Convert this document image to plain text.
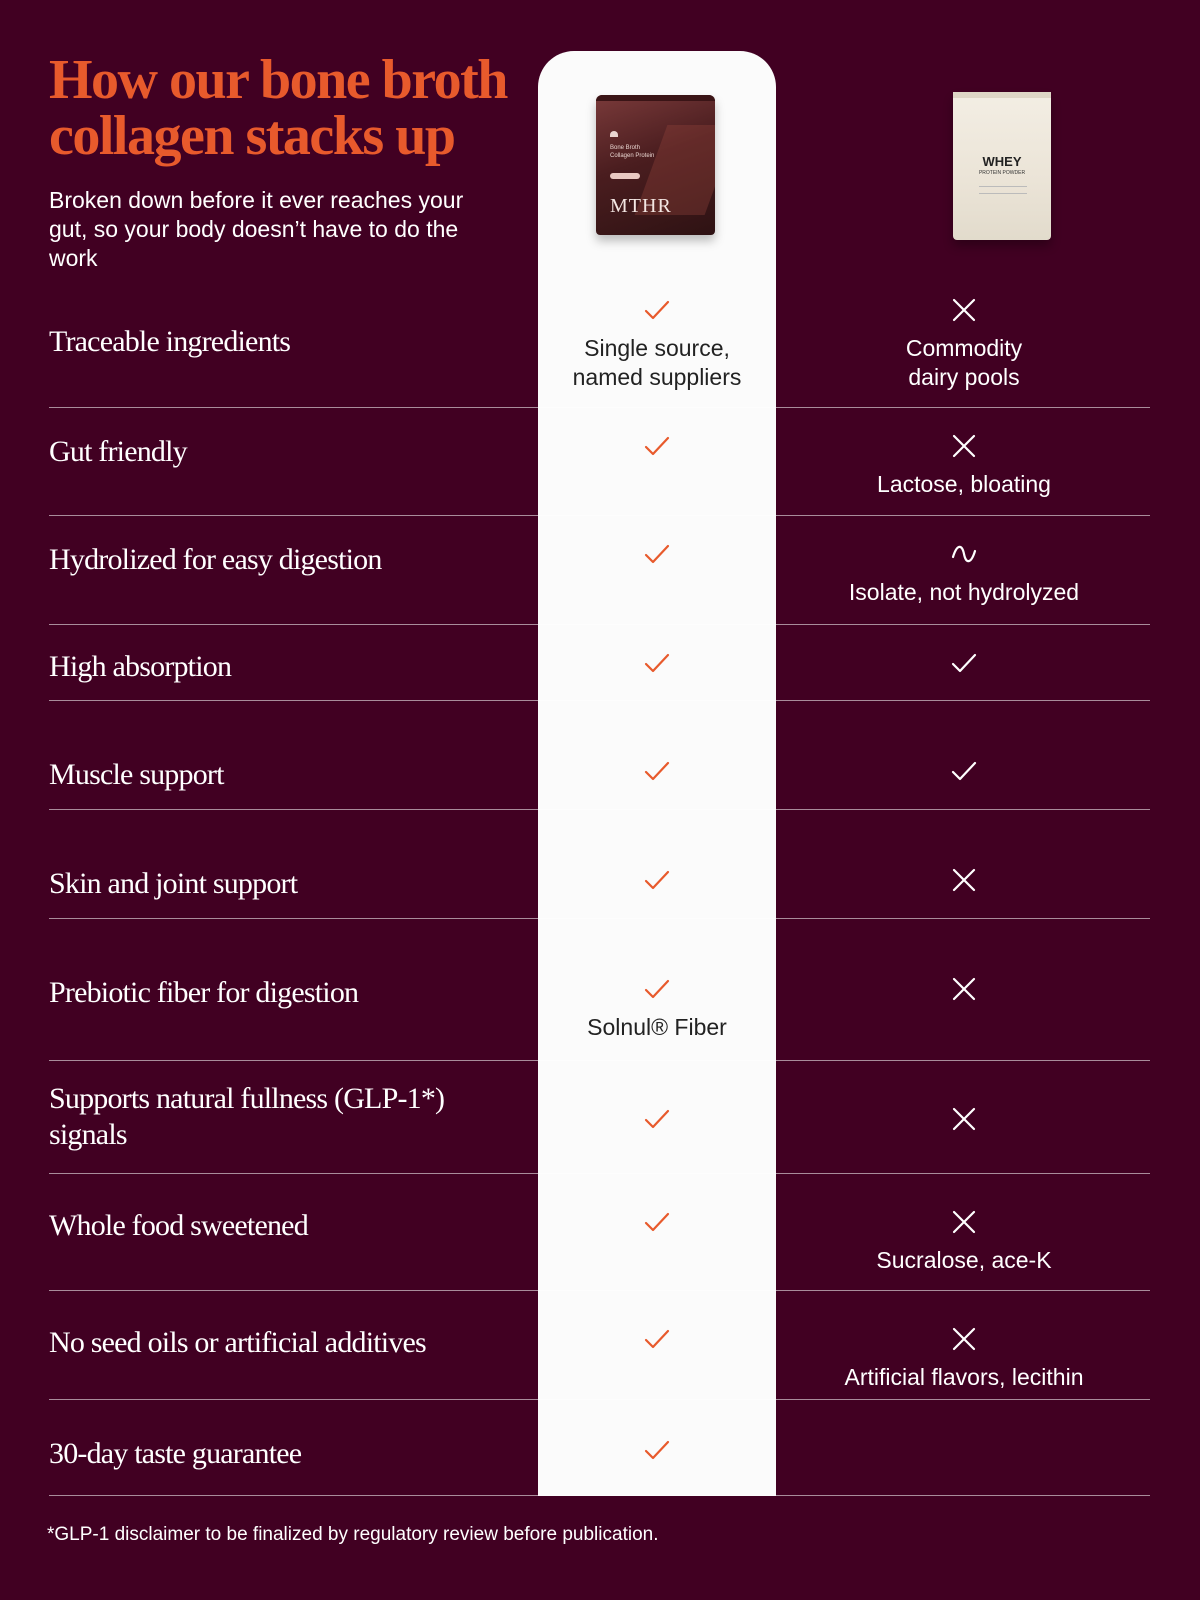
How our bone broth
collagen stacks up

Broken down before it ever reaches your gut, so your body doesn’t have to do the work

Bone Broth
Collagen Protein
MTHR
WHEY
PROTEIN POWDER
Traceable ingredients	Single source, named suppliers
Commodity dairy pools
Gut friendly
Lactose, bloating
Hydrolized for easy digestion
Isolate, not hydrolyzed
High absorption
Muscle support
Skin and joint support
Prebiotic fiber for digestion
Solnul® Fiber
Supports natural fullness (GLP-1*) signals
Whole food sweetened
Sucralose, ace-K
No seed oils or artificial additives
Artificial flavors, lecithin
30-day taste guarantee
*GLP-1 disclaimer to be finalized by regulatory review before publication.
